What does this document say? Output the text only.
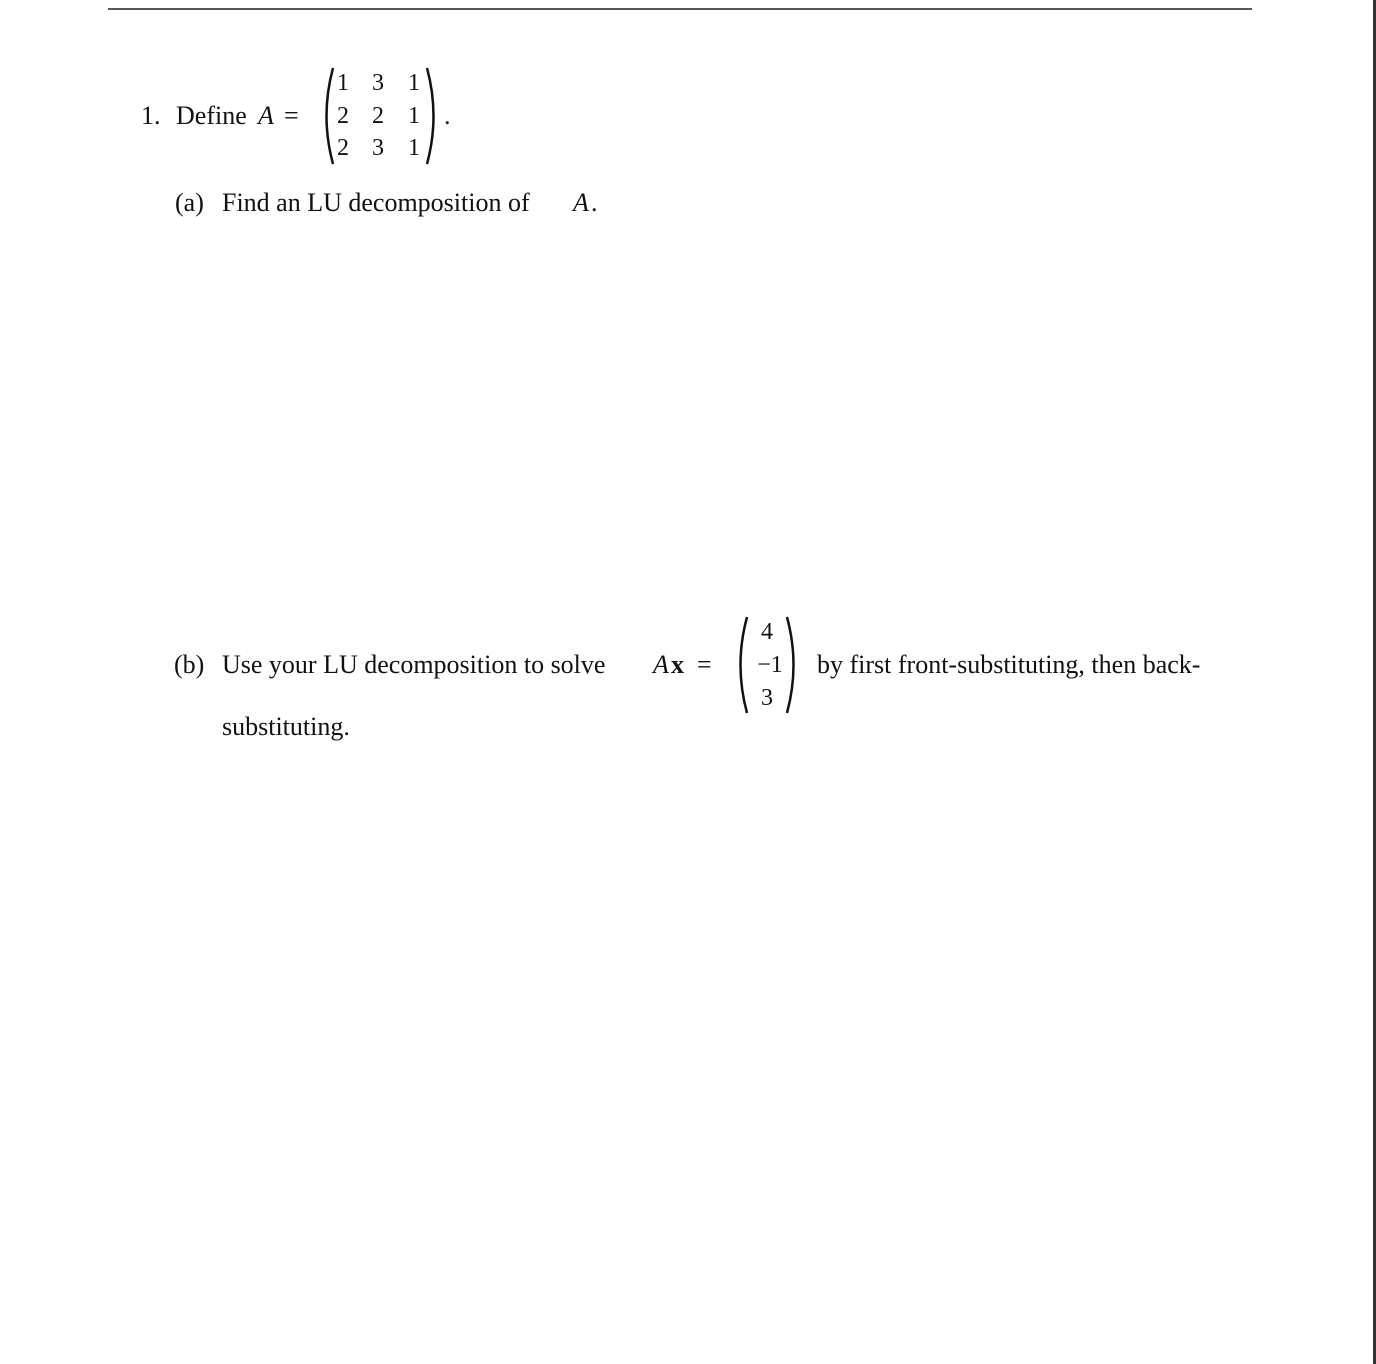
1. Define A =
1 3	1
2 2	1
2 3	1
.
(a) Find an LU decomposition of A .
(b) Use your LU decomposition to solve A x =
4
−1
3
by first front-substituting, then back-
substituting.
